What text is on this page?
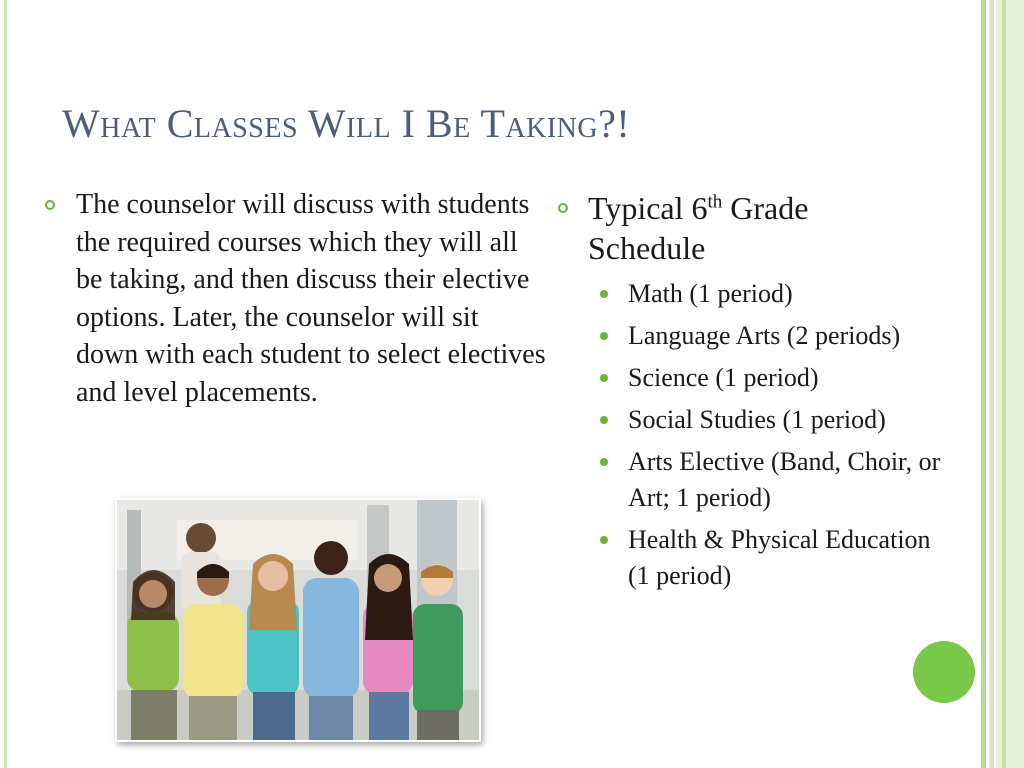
What Classes Will I Be Taking?!
The counselor will discuss with students the required courses which they will all be taking, and then discuss their elective options. Later, the counselor will sit down with each student to select electives and level placements.
Typical 6th Grade Schedule
Math (1 period)
Language Arts (2 periods)
Science (1 period)
Social Studies (1 period)
Arts Elective (Band, Choir, or Art; 1 period)
Health & Physical Education (1 period)
